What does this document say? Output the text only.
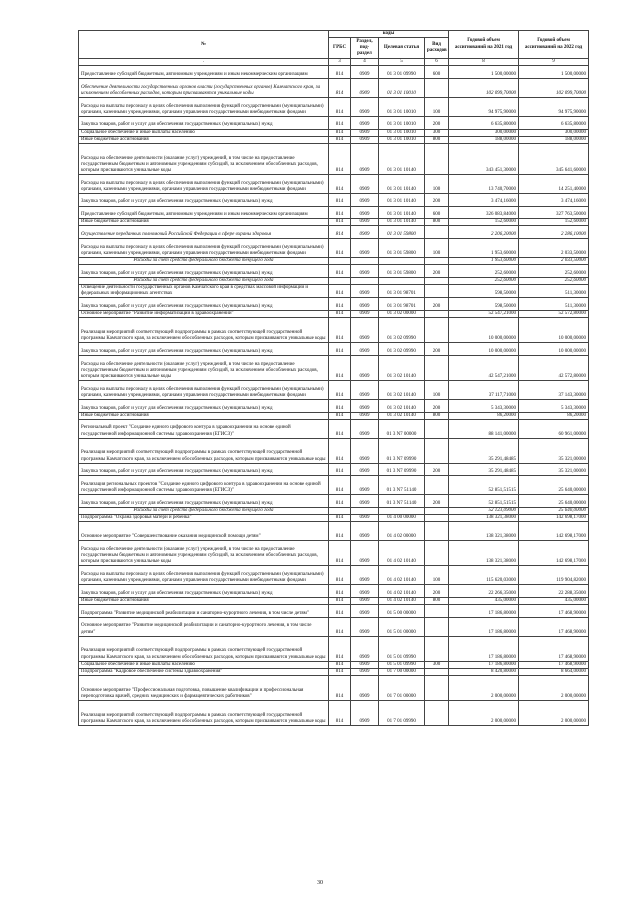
№	коды				Годовой объем ассигнований на 2021 год	Годовой объем ассигнований на 2022 год
	ГРБС	Раздел, под-раздел	Целевая статья	Вид расходов		
.	3	4	5	6	8	9
Предоставление субсидий бюджетным, автономным учреждениям и иным некоммерческим организациям	814	0909	01 3 01 09990	600	1 500,00000	1 500,00000
Обеспечение деятельности государственных органов власти (государственных органов) Камчатского края, за исключением обособленных расходов, которым присваиваются уникальные коды	814	0909	01 3 01 10010		102 099,70000	102 099,70000
Расходы на выплаты персоналу в целях обеспечения выполнения функций государственными (муниципальными) органами, казенными учреждениями, органами управления государственными внебюджетными фондами	814	0909	01 3 01 10010	100	94 975,90000	94 975,90000
Закупка товаров, работ и услуг для обеспечения государственных (муниципальных) нужд	814	0909	01 3 01 10010	200	6 635,80000	6 635,80000
Социальное обеспечение и иные выплаты населению	814	0909	01 3 01 10010	300	300,00000	300,00000
Иные бюджетные ассигнования	814	0909	01 3 01 10010	800	188,00000	188,00000
Расходы на обеспечение деятельности (оказание услуг) учреждений, в том числе на предоставление государственным бюджетным и автономным учреждениям субсидий, за исключением обособленных расходов, которым присваиваются уникальные коды	814	0909	01 3 01 10140		343 451,30000	345 641,60000
Расходы на выплаты персоналу в целях обеспечения выполнения функций государственными (муниципальными) органами, казенными учреждениями, органами управления государственными внебюджетными фондами	814	0909	01 3 01 10140	100	13 740,70000	14 251,40000
Закупка товаров, работ и услуг для обеспечения государственных (муниципальных) нужд	814	0909	01 3 01 10140	200	3 474,16000	3 474,16000
Предоставление субсидий бюджетным, автономным учреждениям и иным некоммерческим организациям	814	0909	01 3 01 10140	600	326 083,84000	327 763,50000
Иные бюджетные ассигнования	814	0909	01 3 01 10140	800	152,60000	152,60000
Осуществление переданных полномочий Российской Федерации в сфере охраны здоровья	814	0909	01 3 01 59800		2 206,20000	2 286,10000
Расходы на выплаты персоналу в целях обеспечения выполнения функций государственными (муниципальными) органами, казенными учреждениями, органами управления государственными внебюджетными фондами	814	0909	01 3 01 59800	100	1 953,60000	2 033,50000
Расходы за счет средств федерального бюджета текущего года					1 953,60000	2 033,50000
Закупка товаров, работ и услуг для обеспечения государственных (муниципальных) нужд	814	0909	01 3 01 59800	200	252,60000	252,60000
Расходы за счет средств федерального бюджета текущего года					252,60000	252,60000
Освещение деятельности государственных органов Камчатского края в средствах массовой информации и федеральных информационных агентствах	814	0909	01 3 01 98701		598,50000	511,30000
Закупка товаров, работ и услуг для обеспечения государственных (муниципальных) нужд	814	0909	01 3 01 98701	200	598,50000	511,30000
Основное мероприятие "Развитие информатизации в здравоохранении"	814	0909	01 3 02 00000		52 547,21000	52 572,80000
Реализация мероприятий соответствующей подпрограммы в рамках соответствующей государственной программы Камчатского края, за исключением обособленных расходов, которым присваиваются уникальные коды	814	0909	01 3 02 09990		10 000,00000	10 000,00000
Закупка товаров, работ и услуг для обеспечения государственных (муниципальных) нужд	814	0909	01 3 02 09990	200	10 000,00000	10 000,00000
Расходы на обеспечение деятельности (оказание услуг) учреждений, в том числе на предоставление государственным бюджетным и автономным учреждениям субсидий, за исключением обособленных расходов, которым присваиваются уникальные коды	814	0909	01 3 02 10140		42 547,21000	42 572,80000
Расходы на выплаты персоналу в целях обеспечения выполнения функций государственными (муниципальными) органами, казенными учреждениями, органами управления государственными внебюджетными фондами	814	0909	01 3 02 10140	100	37 117,71000	37 143,30000
Закупка товаров, работ и услуг для обеспечения государственных (муниципальных) нужд	814	0909	01 3 02 10140	200	5 343,30000	5 343,30000
Иные бюджетные ассигнования	814	0909	01 3 02 10140	800	86,20000	86,20000
Региональный проект "Создание единого цифрового контура в здравоохранении на основе единой государственной информационной системы здравоохранения (ЕГИСЗ)"	814	0909	01 3 N7 00000		88 141,00000	60 961,00000
Реализация мероприятий соответствующей подпрограммы в рамках соответствующей государственной программы Камчатского края, за исключением обособленных расходов, которым присваиваются уникальные коды	814	0909	01 3 N7 09990		35 291,48485	35 321,00000
Закупка товаров, работ и услуг для обеспечения государственных (муниципальных) нужд	814	0909	01 3 N7 09990	200	35 291,48485	35 321,00000
Реализация региональных проектов "Создание единого цифрового контура в здравоохранении на основе единой государственной информационной системы здравоохранения (ЕГИСЗ)"	814	0909	01 3 N7 51140		52 851,51515	25 640,00000
Закупка товаров, работ и услуг для обеспечения государственных (муниципальных) нужд	814	0909	01 3 N7 51140	200	52 851,51515	25 640,00000
Расходы за счет средств федерального бюджета текущего года					52 123,09000	25 640,00000
Подпрограмма "Охрана здоровья матери и ребенка"	814	0909	01 4 00 00000		138 321,38000	142 698,17000
Основное мероприятие "Совершенствование оказания медицинской помощи детям"	814	0909	01 4 02 00000		138 321,38000	142 698,17000
Расходы на обеспечение деятельности (оказание услуг) учреждений, в том числе на предоставление государственным бюджетным и автономным учреждениям субсидий, за исключением обособленных расходов, которым присваиваются уникальные коды	814	0909	01 4 02 10140		138 321,38000	142 698,17000
Расходы на выплаты персоналу в целях обеспечения выполнения функций государственными (муниципальными) органами, казенными учреждениями, органами управления государственными внебюджетными фондами	814	0909	01 4 02 10140	100	115 620,03000	119 904,82000
Закупка товаров, работ и услуг для обеспечения государственных (муниципальных) нужд	814	0909	01 4 02 10140	200	22 266,35000	22 288,35000
Иные бюджетные ассигнования	814	0909	01 4 02 10140	800	435,00000	435,00000
Подпрограмма "Развитие медицинской реабилитации и санаторно-курортного лечения, в том числе детям"	814	0909	01 5 00 00000		17 186,80000	17 468,90000
Основное мероприятие "Развитие медицинской реабилитации и санаторно-курортного лечения, в том числе детям"	814	0909	01 5 01 00000		17 186,80000	17 468,90000
Реализация мероприятий соответствующей подпрограммы в рамках соответствующей государственной программы Камчатского края, за исключением обособленных расходов, которым присваиваются уникальные коды	814	0909	01 5 01 09990		17 186,80000	17 468,90000
Социальное обеспечение и иные выплаты населению	814	0909	01 5 01 09990	300	17 186,80000	17 468,90000
Подпрограмма "Кадровое обеспечение системы здравоохранения"	814	0909	01 7 00 00000		8 420,80000	8 664,00000
Основное мероприятие "Профессиональная подготовка, повышение квалификации и профессиональная переподготовка врачей, средних медицинских и фармацевтических работников"	814	0909	01 7 01 00000		2 000,00000	2 000,00000
Реализация мероприятий соответствующей подпрограммы в рамках соответствующей государственной программы Камчатского края, за исключением обособленных расходов, которым присваиваются уникальные коды	814	0909	01 7 01 09990		2 000,00000	2 000,00000
30
